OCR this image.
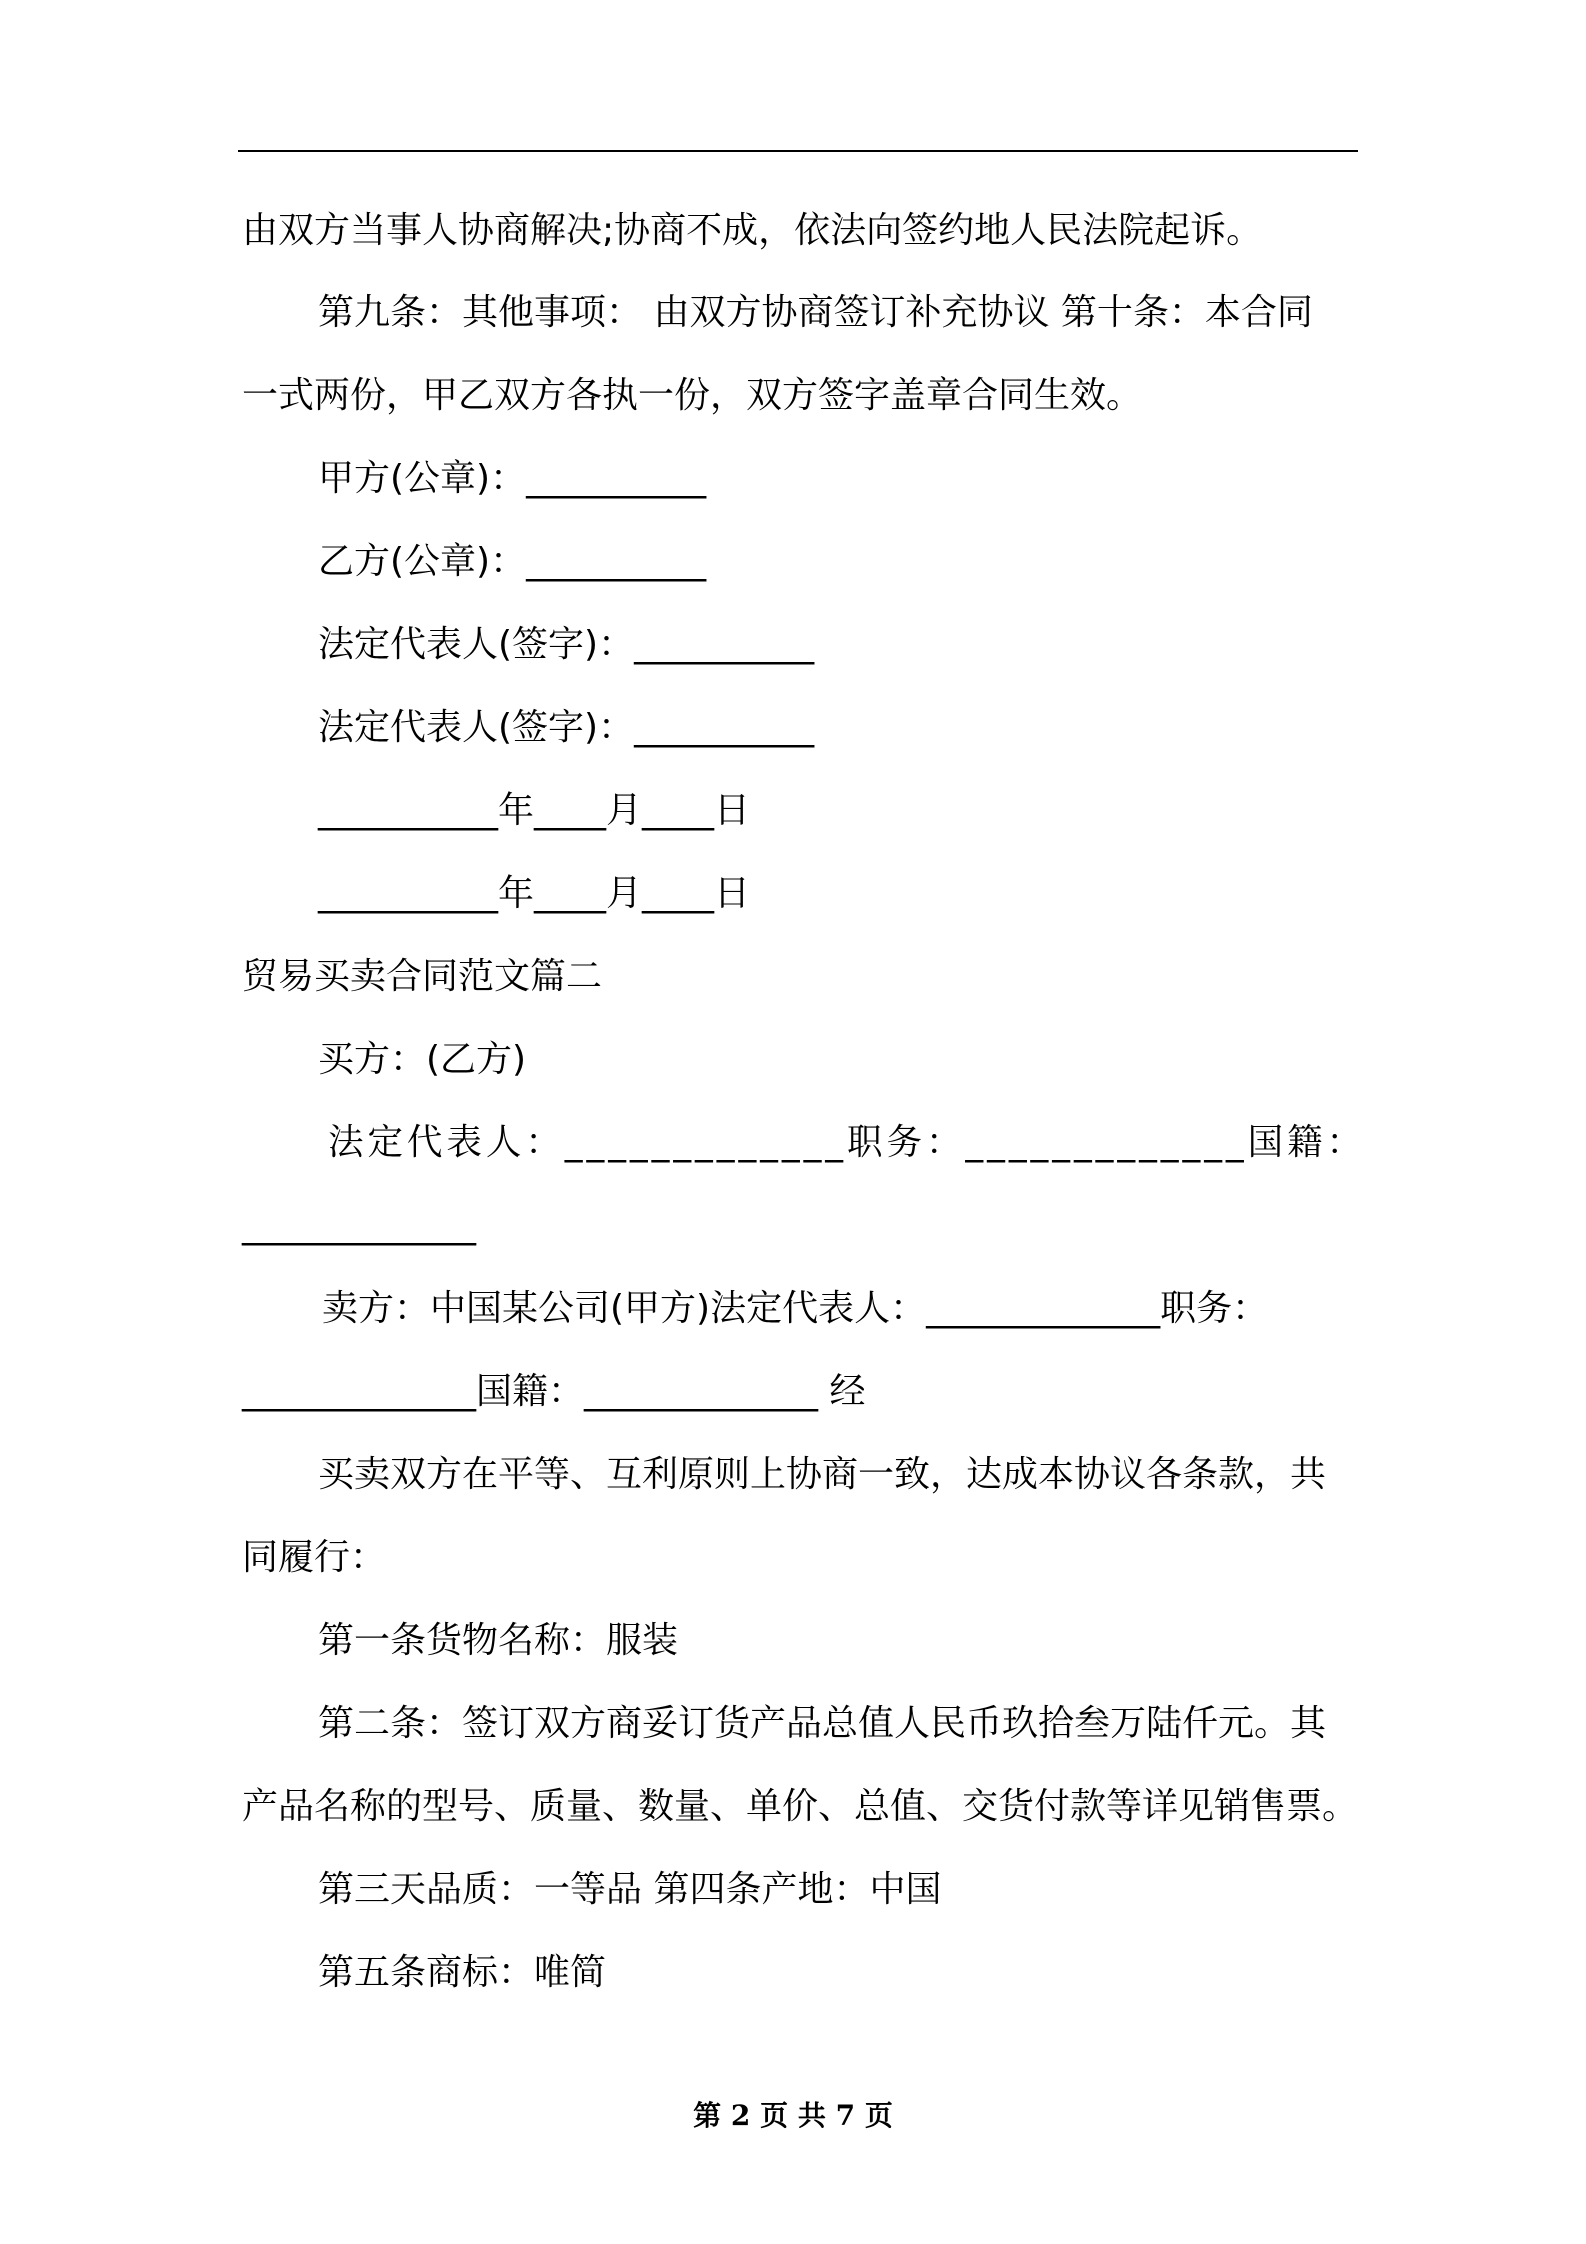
由双方当事人协商解决;协商不成，依法向签约地人民法院起诉。
第九条：其他事项： 由双方协商签订补充协议 第十条：本合同
一式两份，甲乙双方各执一份，双方签字盖章合同生效。
甲方(公章)：__________
乙方(公章)：__________
法定代表人(签字)：__________
法定代表人(签字)：__________
__________年____月____日
__________年____月____日
贸易买卖合同范文篇二
买方：(乙方)
法定代表人：_____________职务：_____________国籍：
_____________
卖方：中国某公司(甲方)法定代表人：_____________职务：
_____________国籍：_____________ 经
买卖双方在平等、互利原则上协商一致，达成本协议各条款，共
同履行：
第一条货物名称：服装
第二条：签订双方商妥订货产品总值人民币玖拾叁万陆仟元。其
产品名称的型号、质量、数量、单价、总值、交货付款等详见销售票。
第三天品质：一等品 第四条产地：中国
第五条商标：唯简
第 2 页 共 7 页
